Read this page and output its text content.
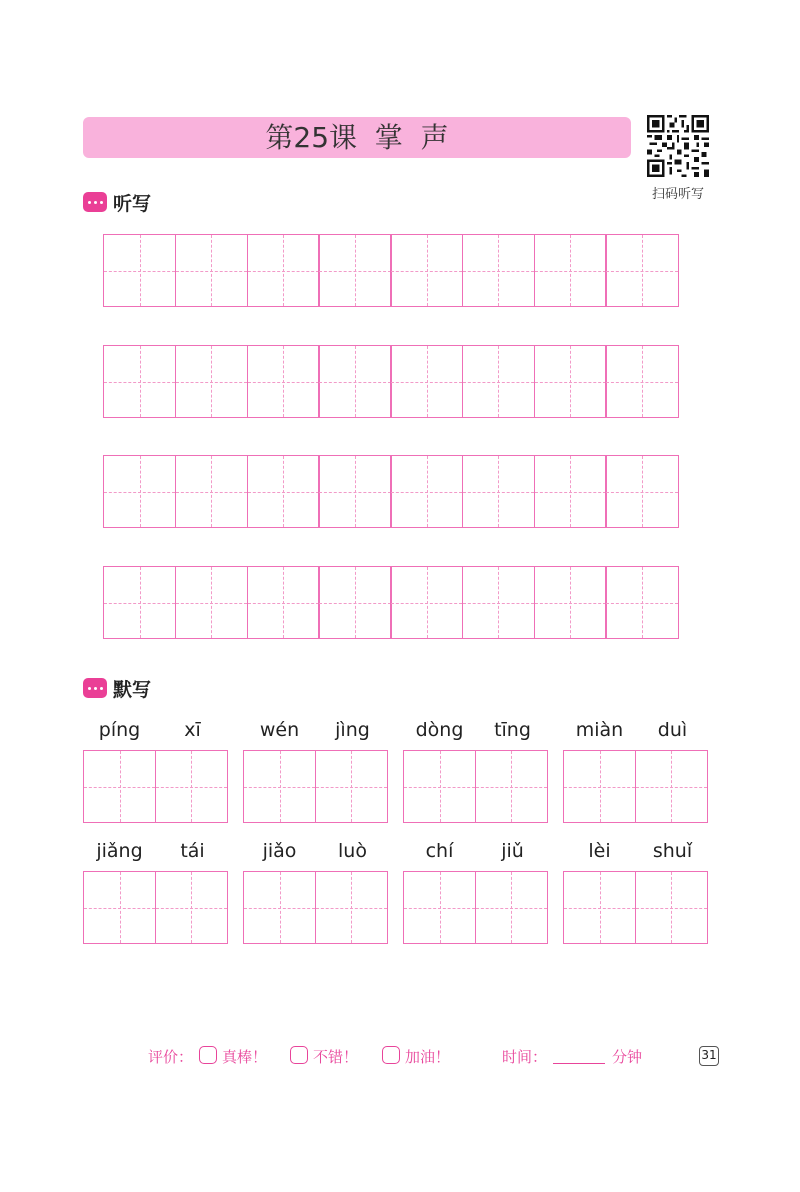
第25课  掌  声
扫码听写
听写
默写
píng	xī	wén	jìng	dòng	tīng	miàn	duì
jiǎng	tái	jiǎo	luò	chí	jiǔ	lèi	shuǐ
评价： 真棒！	不错！	加油！	时间：	分钟	31
